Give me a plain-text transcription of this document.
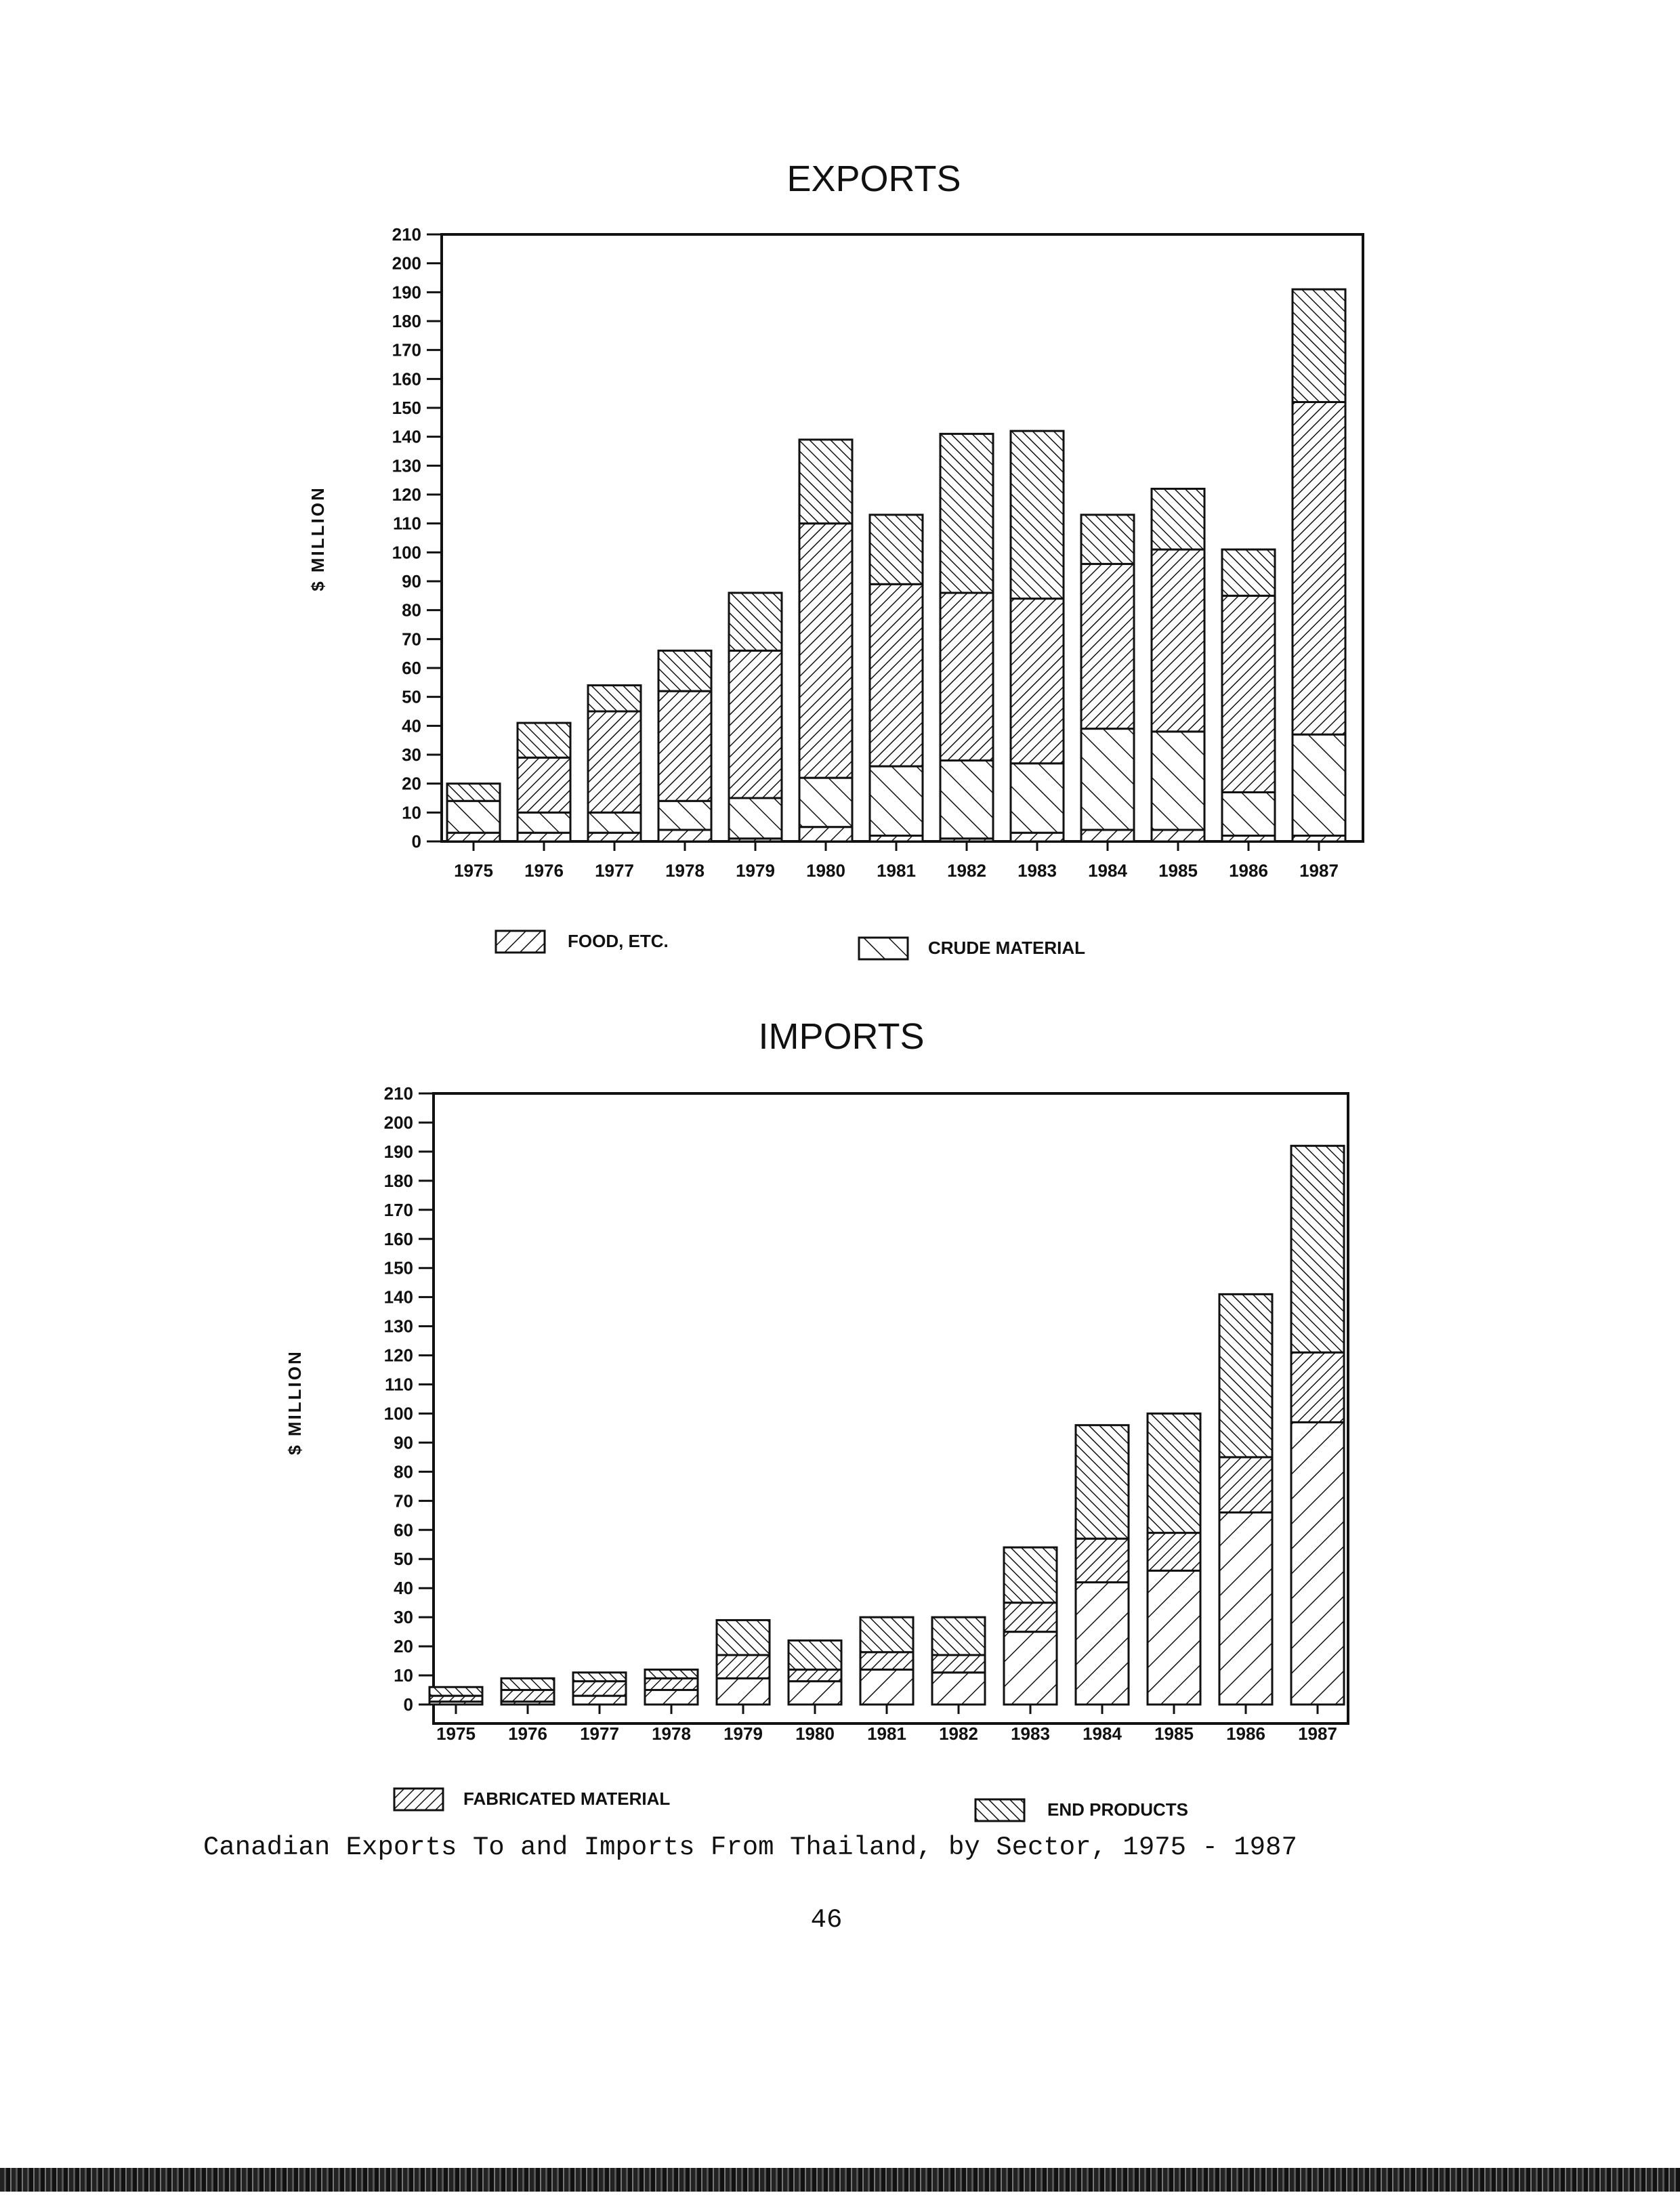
EXPORTS
$ MILLION
0
10
20
30
40
50
60
70
80
90
100
110
120
130
140
150
160
170
180
190
200
210
1975 1976 1977 1978 1979 1980 1981 1982 1983 1984 1985 1986 1987
FOOD, ETC.	CRUDE MATERIAL
IMPORTS
$ MILLION
0
10
20
30
40
50
60
70
80
90
100
110
120
130
140
150
160
170
180
190
200
210
1975 1976 1977 1978 1979 1980 1981 1982 1983 1984 1985 1986 1987
FABRICATED MATERIAL
END PRODUCTS
Canadian Exports To and Imports From Thailand, by Sector, 1975 - 1987
46
